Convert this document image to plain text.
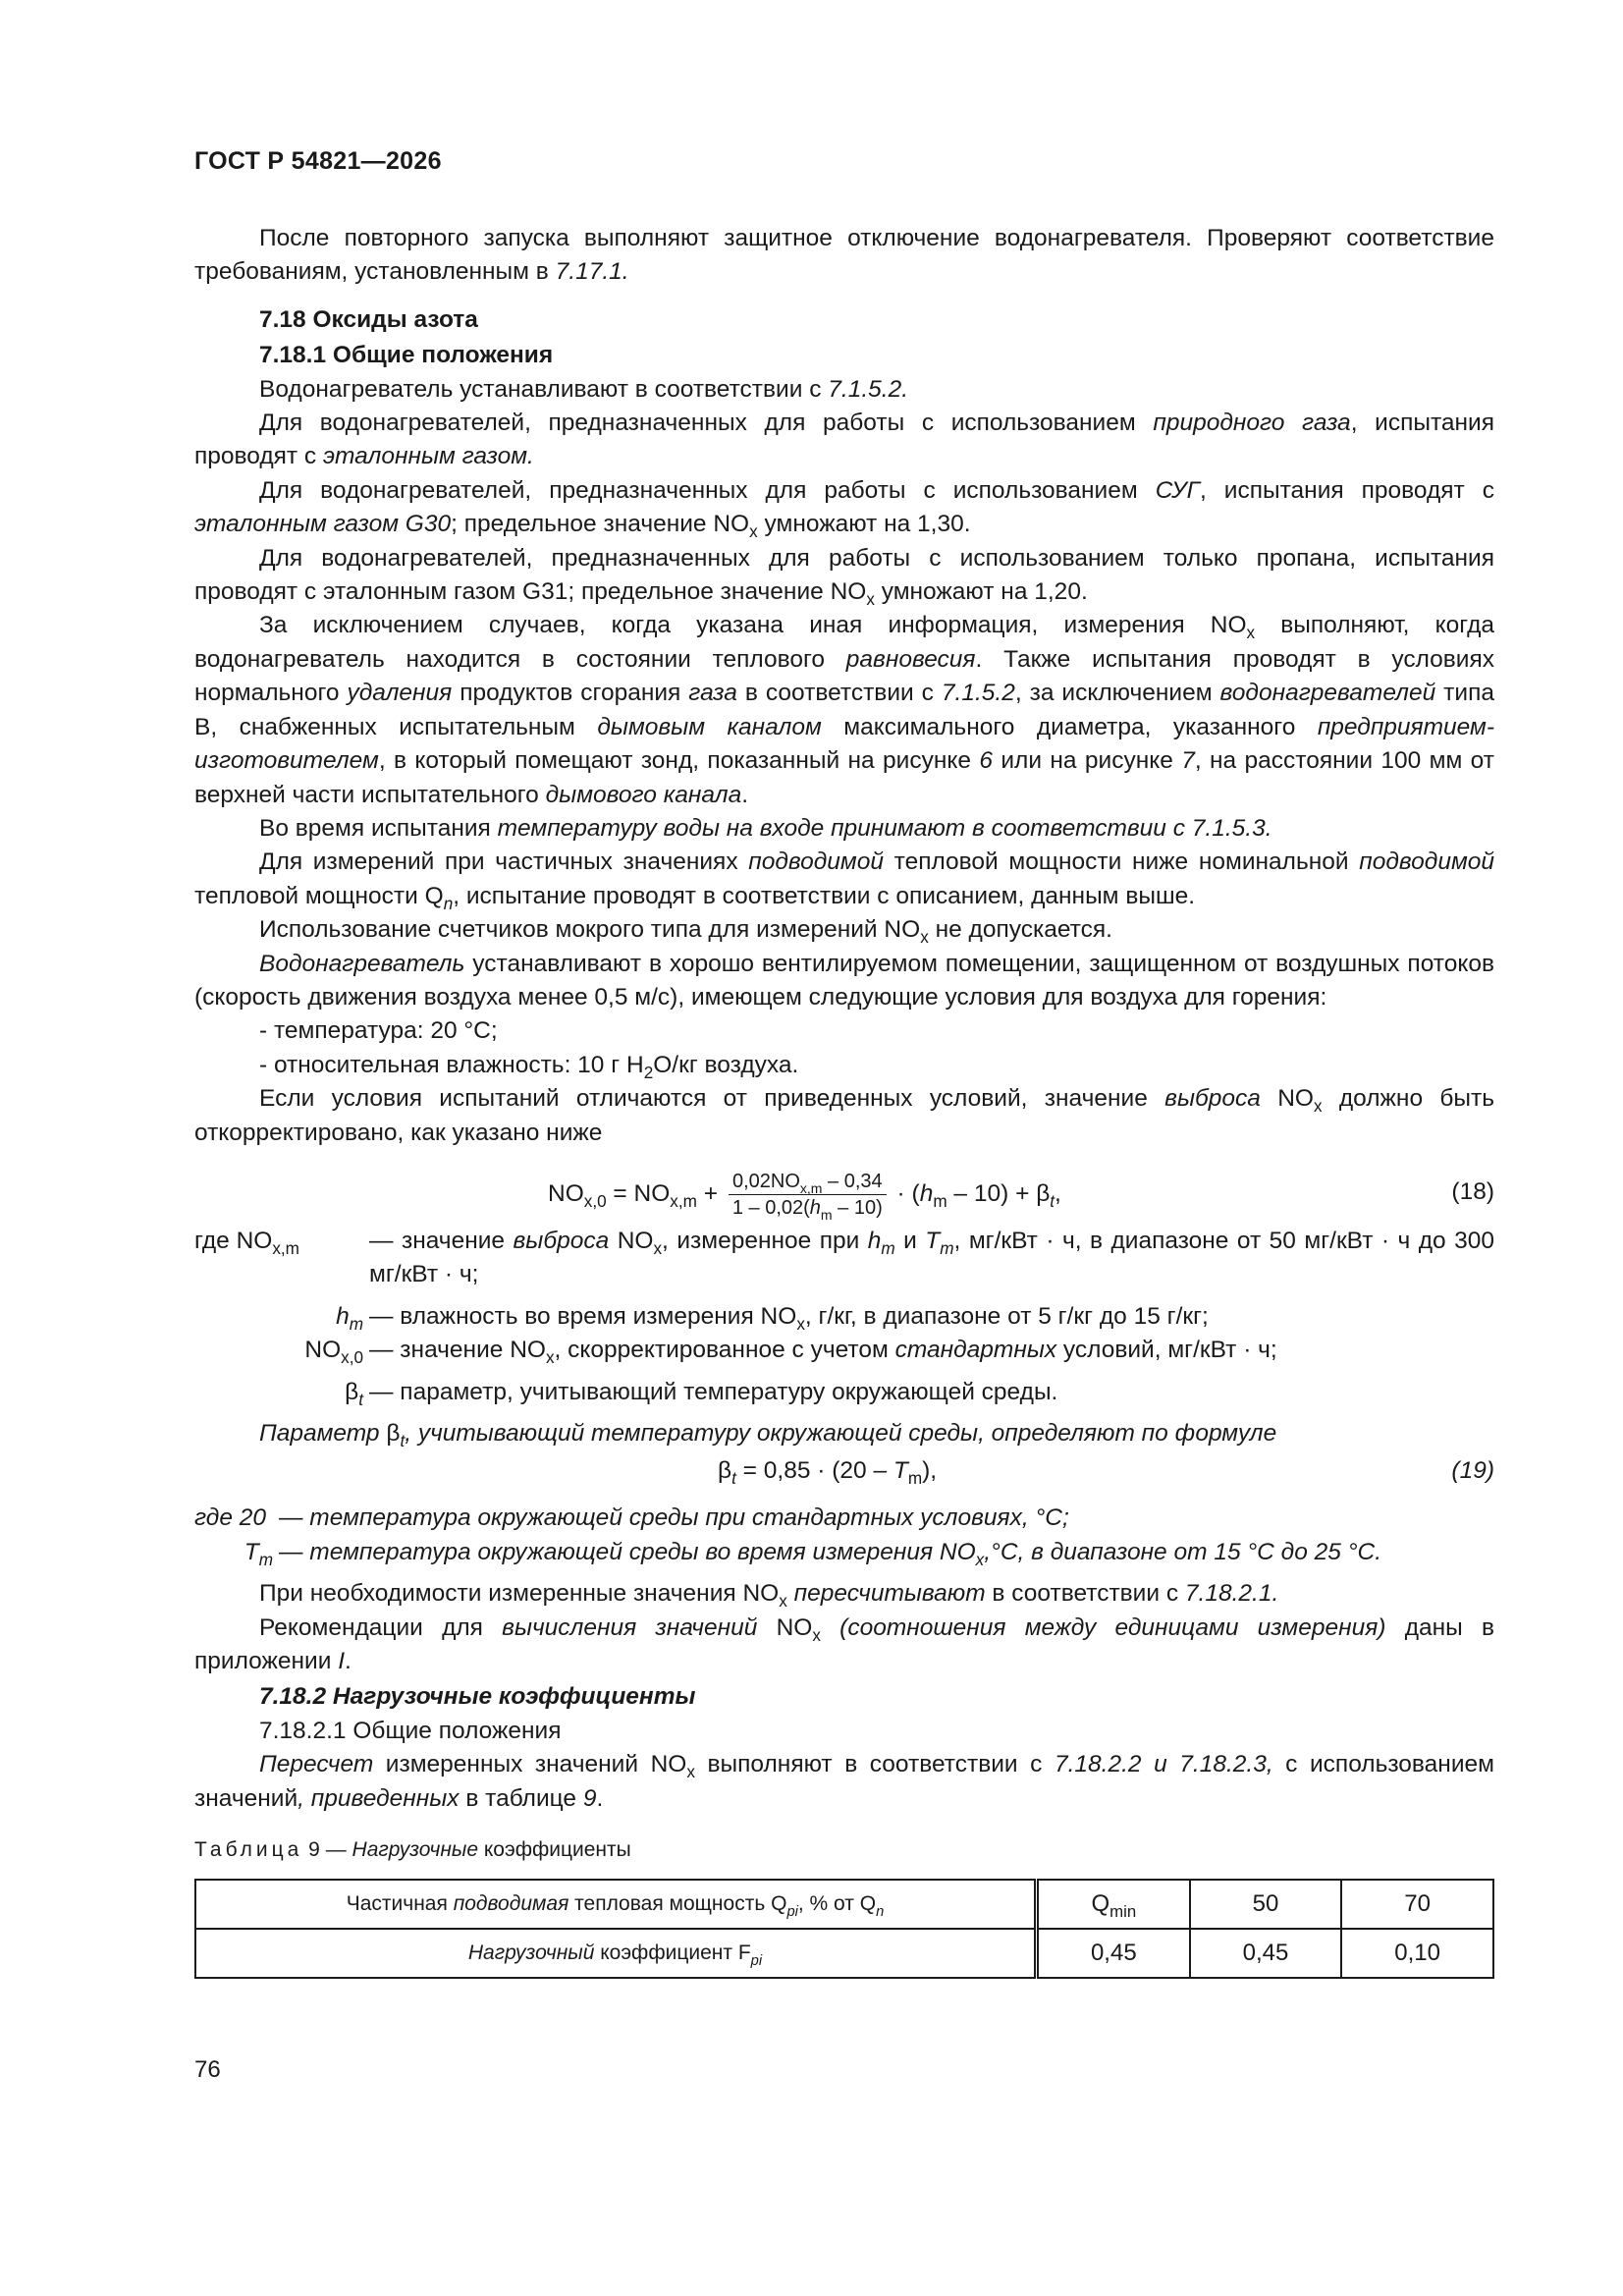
ГОСТ Р 54821—2026

После повторного запуска выполняют защитное отключение водонагревателя. Проверяют соответствие требованиям, установленным в 7.17.1.

7.18 Оксиды азота

7.18.1 Общие положения

Водонагреватель устанавливают в соответствии с 7.1.5.2.

Для водонагревателей, предназначенных для работы с использованием природного газа, испытания проводят с эталонным газом.

Для водонагревателей, предназначенных для работы с использованием СУГ, испытания проводят с эталонным газом G30; предельное значение $NO_x$ умножают на 1,30.

Для водонагревателей, предназначенных для работы с использованием только пропана, испытания проводят с эталонным газом G31; предельное значение $NO_x$ умножают на 1,20.

За исключением случаев, когда указана иная информация, измерения $NO_x$ выполняют, когда водонагреватель находится в состоянии теплового равновесия. Также испытания проводят в условиях нормального удаления продуктов сгорания газа в соответствии с 7.1.5.2, за исключением водонагревателей типа B, снабженных испытательным дымовым каналом максимального диаметра, указанного предприятием-изготовителем, в который помещают зонд, показанный на рисунке 6 или на рисунке 7, на расстоянии 100 мм от верхней части испытательного дымового канала.

Во время испытания температуру воды на входе принимают в соответствии с 7.1.5.3.

Для измерений при частичных значениях подводимой тепловой мощности ниже номинальной подводимой тепловой мощности $Q_n$, испытание проводят в соответствии с описанием, данным выше.

Использование счетчиков мокрого типа для измерений $NO_x$ не допускается.

Водонагреватель устанавливают в хорошо вентилируемом помещении, защищенном от воздушных потоков (скорость движения воздуха менее 0,5 м/с), имеющем следующие условия для воздуха для горения:

- температура: 20 °С;

- относительная влажность: 10 г $H_2O/кг$ воздуха.

Если условия испытаний отличаются от приведенных условий, значение выброса $NO_x$ должно быть откорректировано, как указано ниже

$NO_{x,0} = NO_{x,m} + \frac{0,02NO_{x,m} - 0,34}{1 - 0,02(h_m - 10)} \cdot (h_m - 10) + \beta_t$,	(18)
где $NO_{x,m}$	— значение выброса $NO_x$, измеренное при $h_m$ и $T_m$, мг/кВт · ч, в диапазоне от 50 мг/кВт · ч до 300 мг/кВт · ч;
$h_m$ — влажность во время измерения $NO_x$, г/кг, в диапазоне от 5 г/кг до 15 г/кг;
$NO_{x,0}$ — значение $NO_x$, скорректированное с учетом стандартных условий, мг/кВт · ч;
$\beta_t$ — параметр, учитывающий температуру окружающей среды.

Параметр $\beta_t$, учитывающий температуру окружающей среды, определяют по формуле

$\beta_t = 0,85 \cdot (20 - T_m)$,	(19)
где 20 — температура окружающей среды при стандартных условиях, °С;
$T_m$ — температура окружающей среды во время измерения $NO_x,^\circ С$, в диапазоне от 15 °С до 25 °С.

При необходимости измеренные значения $NO_x$ пересчитывают в соответствии с 7.18.2.1.

Рекомендации для вычисления значений $NO_x$ (соотношения между единицами измерения) даны в приложении I.

7.18.2 Нагрузочные коэффициенты

7.18.2.1 Общие положения

Пересчет измеренных значений $NO_x$ выполняют в соответствии с 7.18.2.2 и 7.18.2.3, с использованием значений, приведенных в таблице 9.

Таблица 9 — Нагрузочные коэффициенты

Частичная подводимая тепловая мощность $Q_{pi}$, % от $Q_n$	$Q_{min}$	50	70
Нагрузочный коэффициент $F_{pi}$	0,45	0,45	0,10
76
